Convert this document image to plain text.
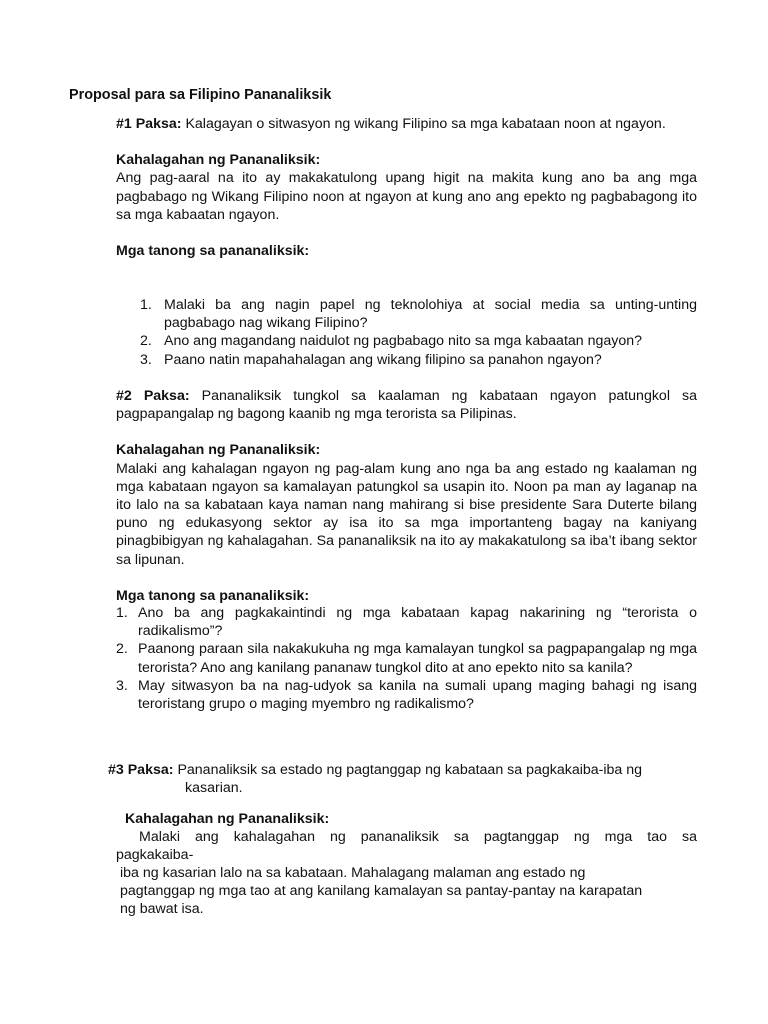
Proposal para sa Filipino Pananaliksik
#1 Paksa: Kalagayan o sitwasyon ng wikang Filipino sa mga kabataan noon at ngayon.
Kahalagahan ng Pananaliksik:
Ang pag-aaral na ito ay makakatulong upang higit na makita kung ano ba ang mga pagbabago ng Wikang Filipino noon at ngayon at kung ano ang epekto ng pagbabagong ito sa mga kabaatan ngayon.
Mga tanong sa pananaliksik:
1. Malaki ba ang nagin papel ng teknolohiya at social media sa unting-unting pagbabago nag wikang Filipino?
2. Ano ang magandang naidulot ng pagbabago nito sa mga kabaatan ngayon?
3. Paano natin mapahahalagan ang wikang filipino sa panahon ngayon?
#2 Paksa: Pananaliksik tungkol sa kaalaman ng kabataan ngayon patungkol sa pagpapangalap ng bagong kaanib ng mga terorista sa Pilipinas.
Kahalagahan ng Pananaliksik:
Malaki ang kahalagan ngayon ng pag-alam kung ano nga ba ang estado ng kaalaman ng mga kabataan ngayon sa kamalayan patungkol sa usapin ito. Noon pa man ay laganap na ito lalo na sa kabataan kaya naman nang mahirang si bise presidente Sara Duterte bilang puno ng edukasyong sektor ay isa ito sa mga importanteng bagay na kaniyang pinagbibigyan ng kahalagahan. Sa pananaliksik na ito ay makakatulong sa iba’t ibang sektor sa lipunan.
Mga tanong sa pananaliksik:
1. Ano ba ang pagkakaintindi ng mga kabataan kapag nakarining ng “terorista o radikalismo”?
2. Paanong paraan sila nakakukuha ng mga kamalayan tungkol sa pagpapangalap ng mga terorista? Ano ang kanilang pananaw tungkol dito at ano epekto nito sa kanila?
3. May sitwasyon ba na nag-udyok sa kanila na sumali upang maging bahagi ng isang teroristang grupo o maging myembro ng radikalismo?
#3 Paksa: Pananaliksik sa estado ng pagtanggap ng kabataan sa pagkakaiba-iba ng
kasarian.
Kahalagahan ng Pananaliksik:
Malaki ang kahalagahan ng pananaliksik sa pagtanggap ng mga tao sa
pagkakaiba-
iba ng kasarian lalo na sa kabataan. Mahalagang malaman ang estado ng
pagtanggap ng mga tao at ang kanilang kamalayan sa pantay-pantay na karapatan
ng bawat isa.
